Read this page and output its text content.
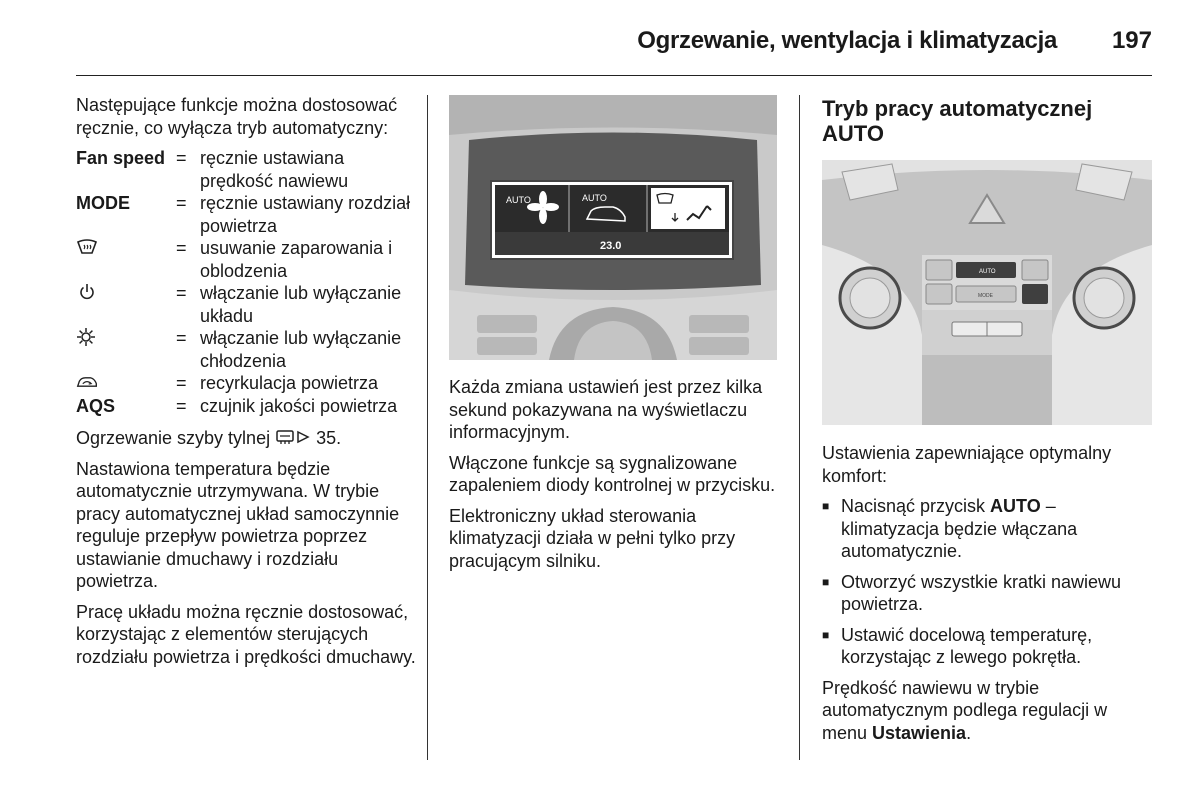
Ogrzewanie, wentylacja i klimatyzacja 197

Następujące funkcje można dostosować ręcznie, co wyłącza tryb automatyczny:

Fan speed = ręcznie ustawiana prędkość nawiewu
MODE	= ręcznie ustawiany rozdział powietrza
= usuwanie zaparowania i oblodzenia
= włączanie lub wyłączanie układu
= włączanie lub wyłączanie chłodzenia
= recyrkulacja powietrza
AQS	= czujnik jakości powietrza

Ogrzewanie szyby tylnej	35.

Nastawiona temperatura będzie automatycznie utrzymywana. W trybie pracy automatycznej układ samoczynnie reguluje przepływ powietrza poprzez ustawianie dmuchawy i rozdziału powietrza.

Pracę układu można ręcznie dostosować, korzystając z elementów sterujących rozdziału powietrza i prędkości dmuchawy.

AUTO	AUTO
23.0

Każda zmiana ustawień jest przez kilka sekund pokazywana na wyświetlaczu informacyjnym.

Włączone funkcje są sygnalizowane zapaleniem diody kontrolnej w przycisku.

Elektroniczny układ sterowania klimatyzacji działa w pełni tylko przy pracującym silniku.

Tryb pracy automatycznej AUTO
AUTO
MODE

Ustawienia zapewniające optymalny komfort:

■ Nacisnąć przycisk AUTO – klimatyzacja będzie włączana automatycznie.
■ Otworzyć wszystkie kratki nawiewu powietrza.
■ Ustawić docelową temperaturę, korzystając z lewego pokrętła.

Prędkość nawiewu w trybie automatycznym podlega regulacji w menu Ustawienia.
